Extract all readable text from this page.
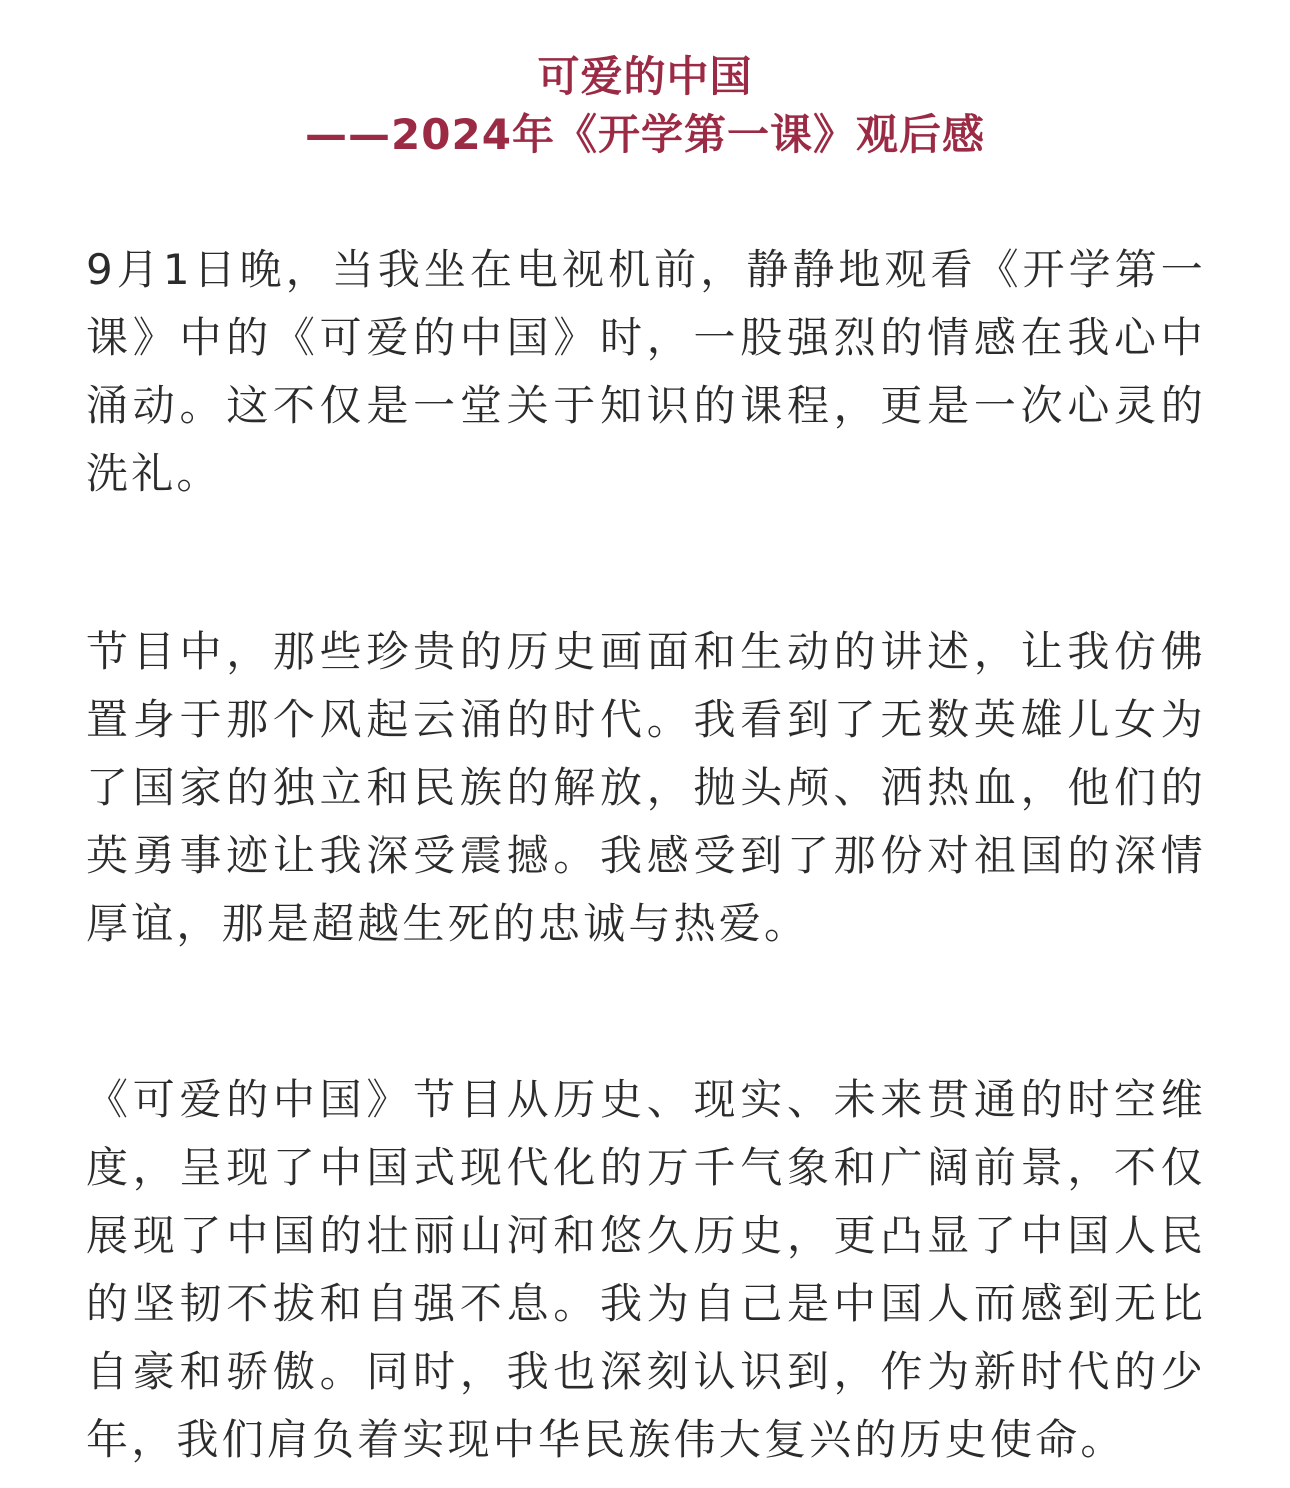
可爱的中国

——2024年《开学第一课》观后感

9月1日晚，当我坐在电视机前，静静地观看《开学第一课》中的《可爱的中国》时，一股强烈的情感在我心中涌动。这不仅是一堂关于知识的课程，更是一次心灵的洗礼。

节目中，那些珍贵的历史画面和生动的讲述，让我仿佛置身于那个风起云涌的时代。我看到了无数英雄儿女为了国家的独立和民族的解放，抛头颅、洒热血，他们的英勇事迹让我深受震撼。我感受到了那份对祖国的深情厚谊，那是超越生死的忠诚与热爱。

《可爱的中国》节目从历史、现实、未来贯通的时空维度，呈现了中国式现代化的万千气象和广阔前景，不仅展现了中国的壮丽山河和悠久历史，更凸显了中国人民的坚韧不拔和自强不息。我为自己是中国人而感到无比自豪和骄傲。同时，我也深刻认识到，作为新时代的少年，我们肩负着实现中华民族伟大复兴的历史使命。
